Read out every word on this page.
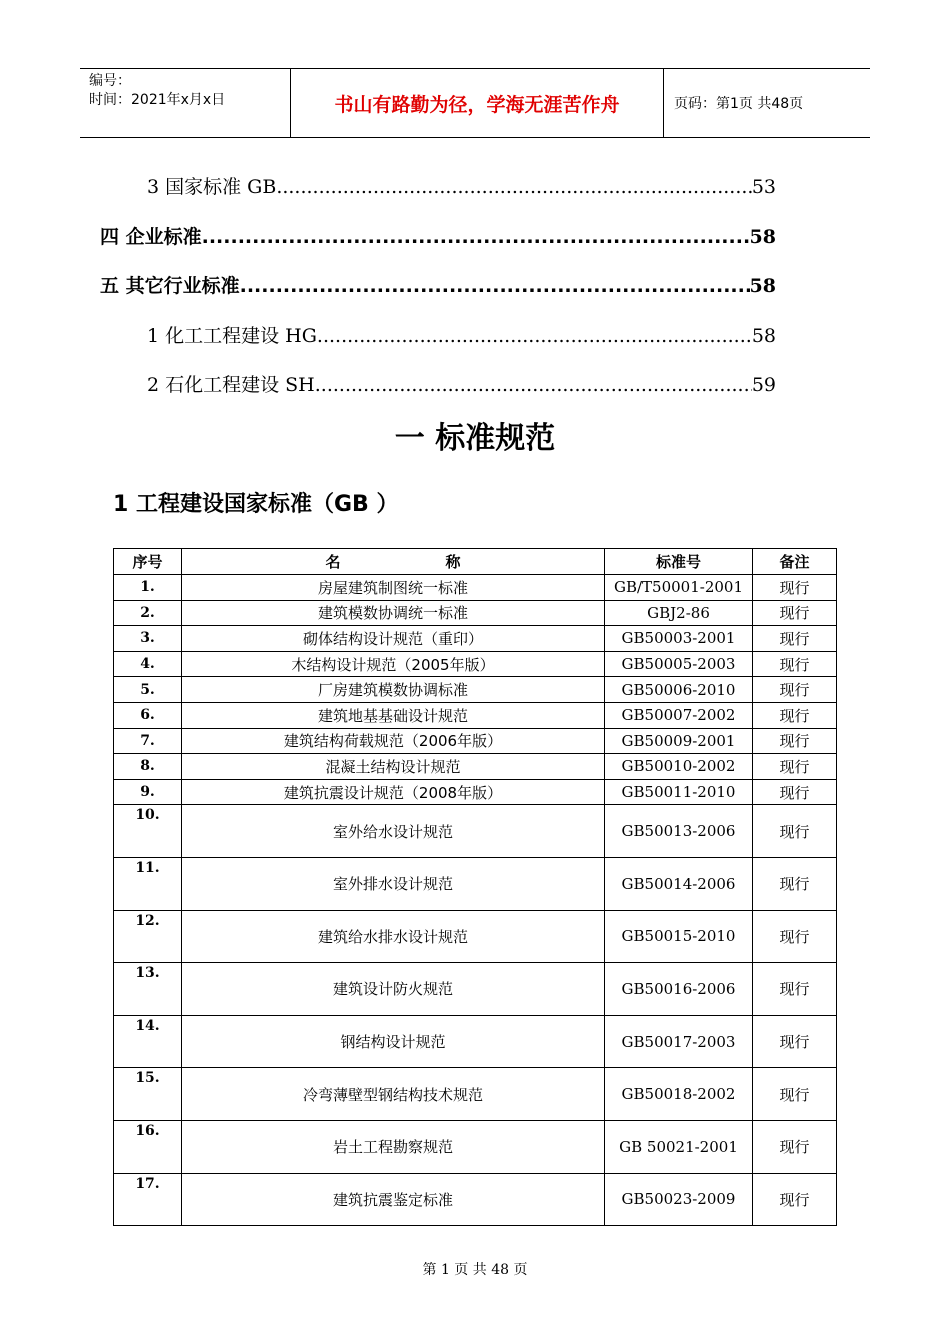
编号：
时间：2021年x月x日	书山有路勤为径，学海无涯苦作舟	页码：第1页 共48页
3 国家标准 GB .....	53
四 企业标准 .....	58
五 其它行业标准 .....	58
1 化工工程建设 HG .....	58
2 石化工程建设 SH .....	59
一 标准规范
1 工程建设国家标准（GB ）
序号	名 称	标准号	备注
1.	房屋建筑制图统一标准	GB/T50001-2001	现行
2.	建筑模数协调统一标准	GBJ2-86	现行
3.	砌体结构设计规范（重印）	GB50003-2001	现行
4.	木结构设计规范（2005年版）	GB50005-2003	现行
5.	厂房建筑模数协调标准	GB50006-2010	现行
6.	建筑地基基础设计规范	GB50007-2002	现行
7.	建筑结构荷载规范（2006年版）	GB50009-2001	现行
8.	混凝土结构设计规范	GB50010-2002	现行
9.	建筑抗震设计规范（2008年版）	GB50011-2010	现行
10.	室外给水设计规范	GB50013-2006	现行
11.	室外排水设计规范	GB50014-2006	现行
12.	建筑给水排水设计规范	GB50015-2010	现行
13.	建筑设计防火规范	GB50016-2006	现行
14.	钢结构设计规范	GB50017-2003	现行
15.	冷弯薄壁型钢结构技术规范	GB50018-2002	现行
16.	岩土工程勘察规范	GB 50021-2001	现行
17.	建筑抗震鉴定标准	GB50023-2009	现行
第 1 页 共 48 页
